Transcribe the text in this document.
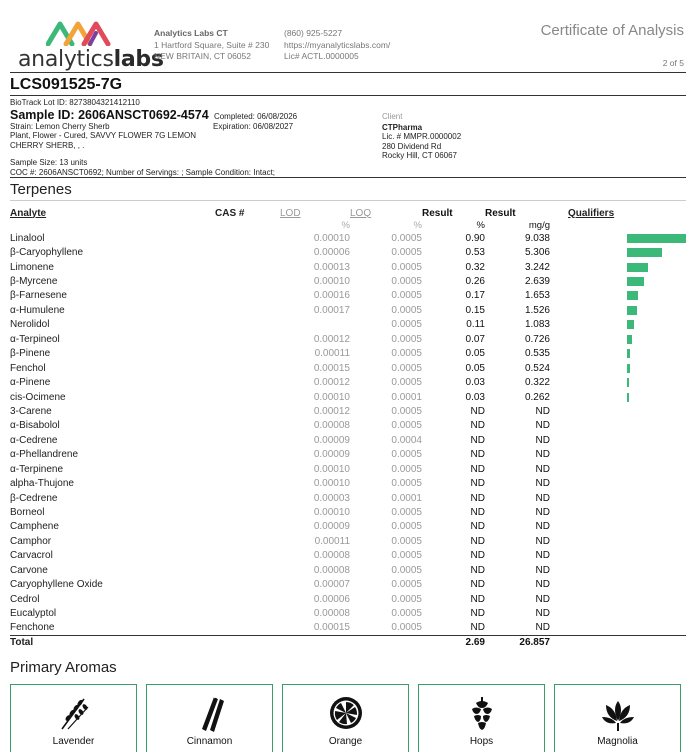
analyticslabs
Analytics Labs CT
1 Hartford Square, Suite # 230
NEW BRITAIN, CT 06052
(860) 925-5227
https://myanalyticslabs.com/
Lic# ACTL.0000005
Certificate of Analysis
2 of 5
LCS091525-7G
BioTrack Lot ID: 8273804321412110
Sample ID: 2606ANSCT0692-4574 Completed: 06/08/2026
Strain: Lemon Cherry Sherb	Expiration: 06/08/2027
Plant, Flower - Cured, SAVVY FLOWER 7G LEMON
CHERRY SHERB, , .
Sample Size: 13 units
COC #: 2606ANSCT0692; Number of Servings: ; Sample Condition: Intact;
Client
CTPharma
Lic. # MMPR.0000002
280 Dividend Rd
Rocky Hill, CT 06067
Terpenes
Analyte	CAS #	LOD	LOQ	Result	Result	Qualifiers
		%	%	%	mg/g	
Linalool		0.00010	0.0005	0.90	9.038	
β-Caryophyllene		0.00006	0.0005	0.53	5.306	
Limonene		0.00013	0.0005	0.32	3.242	
β-Myrcene		0.00010	0.0005	0.26	2.639	
β-Farnesene		0.00016	0.0005	0.17	1.653	
α-Humulene		0.00017	0.0005	0.15	1.526	
Nerolidol			0.0005	0.11	1.083	
α-Terpineol		0.00012	0.0005	0.07	0.726	
β-Pinene		0.00011	0.0005	0.05	0.535	
Fenchol		0.00015	0.0005	0.05	0.524	
α-Pinene		0.00012	0.0005	0.03	0.322	
cis-Ocimene		0.00010	0.0001	0.03	0.262	
3-Carene		0.00012	0.0005	ND	ND	
α-Bisabolol		0.00008	0.0005	ND	ND	
α-Cedrene		0.00009	0.0004	ND	ND	
α-Phellandrene		0.00009	0.0005	ND	ND	
α-Terpinene		0.00010	0.0005	ND	ND	
alpha-Thujone		0.00010	0.0005	ND	ND	
β-Cedrene		0.00003	0.0001	ND	ND	
Borneol		0.00010	0.0005	ND	ND	
Camphene		0.00009	0.0005	ND	ND	
Camphor		0.00011	0.0005	ND	ND	
Carvacrol		0.00008	0.0005	ND	ND	
Carvone		0.00008	0.0005	ND	ND	
Caryophyllene Oxide		0.00007	0.0005	ND	ND	
Cedrol		0.00006	0.0005	ND	ND	
Eucalyptol		0.00008	0.0005	ND	ND	
Fenchone		0.00015	0.0005	ND	ND	
Total				2.69	26.857	
Primary Aromas
Lavender	Cinnamon	Orange	Hops	Magnolia
